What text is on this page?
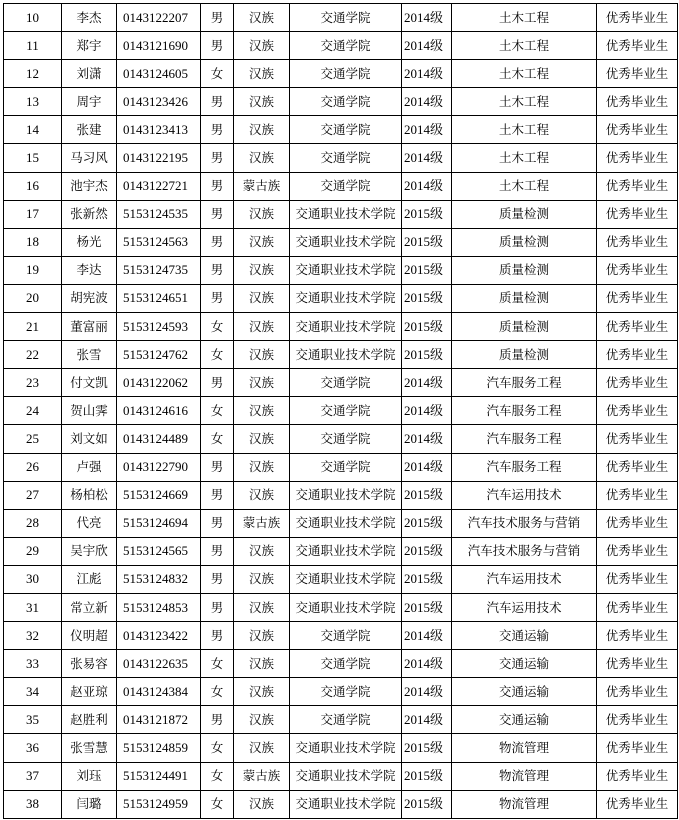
10	李杰	0143122207	男	汉族	交通学院	2014级	土木工程	优秀毕业生
11	郑宇	0143121690	男	汉族	交通学院	2014级	土木工程	优秀毕业生
12	刘潇	0143124605	女	汉族	交通学院	2014级	土木工程	优秀毕业生
13	周宇	0143123426	男	汉族	交通学院	2014级	土木工程	优秀毕业生
14	张建	0143123413	男	汉族	交通学院	2014级	土木工程	优秀毕业生
15	马习风	0143122195	男	汉族	交通学院	2014级	土木工程	优秀毕业生
16	池宇杰	0143122721	男	蒙古族	交通学院	2014级	土木工程	优秀毕业生
17	张新然	5153124535	男	汉族	交通职业技术学院	2015级	质量检测	优秀毕业生
18	杨光	5153124563	男	汉族	交通职业技术学院	2015级	质量检测	优秀毕业生
19	李达	5153124735	男	汉族	交通职业技术学院	2015级	质量检测	优秀毕业生
20	胡宪波	5153124651	男	汉族	交通职业技术学院	2015级	质量检测	优秀毕业生
21	董富丽	5153124593	女	汉族	交通职业技术学院	2015级	质量检测	优秀毕业生
22	张雪	5153124762	女	汉族	交通职业技术学院	2015级	质量检测	优秀毕业生
23	付文凯	0143122062	男	汉族	交通学院	2014级	汽车服务工程	优秀毕业生
24	贺山霁	0143124616	女	汉族	交通学院	2014级	汽车服务工程	优秀毕业生
25	刘文如	0143124489	女	汉族	交通学院	2014级	汽车服务工程	优秀毕业生
26	卢强	0143122790	男	汉族	交通学院	2014级	汽车服务工程	优秀毕业生
27	杨柏松	5153124669	男	汉族	交通职业技术学院	2015级	汽车运用技术	优秀毕业生
28	代亮	5153124694	男	蒙古族	交通职业技术学院	2015级	汽车技术服务与营销	优秀毕业生
29	吴宇欣	5153124565	男	汉族	交通职业技术学院	2015级	汽车技术服务与营销	优秀毕业生
30	江彪	5153124832	男	汉族	交通职业技术学院	2015级	汽车运用技术	优秀毕业生
31	常立新	5153124853	男	汉族	交通职业技术学院	2015级	汽车运用技术	优秀毕业生
32	仪明超	0143123422	男	汉族	交通学院	2014级	交通运输	优秀毕业生
33	张易容	0143122635	女	汉族	交通学院	2014级	交通运输	优秀毕业生
34	赵亚琼	0143124384	女	汉族	交通学院	2014级	交通运输	优秀毕业生
35	赵胜利	0143121872	男	汉族	交通学院	2014级	交通运输	优秀毕业生
36	张雪慧	5153124859	女	汉族	交通职业技术学院	2015级	物流管理	优秀毕业生
37	刘珏	5153124491	女	蒙古族	交通职业技术学院	2015级	物流管理	优秀毕业生
38	闫璐	5153124959	女	汉族	交通职业技术学院	2015级	物流管理	优秀毕业生
